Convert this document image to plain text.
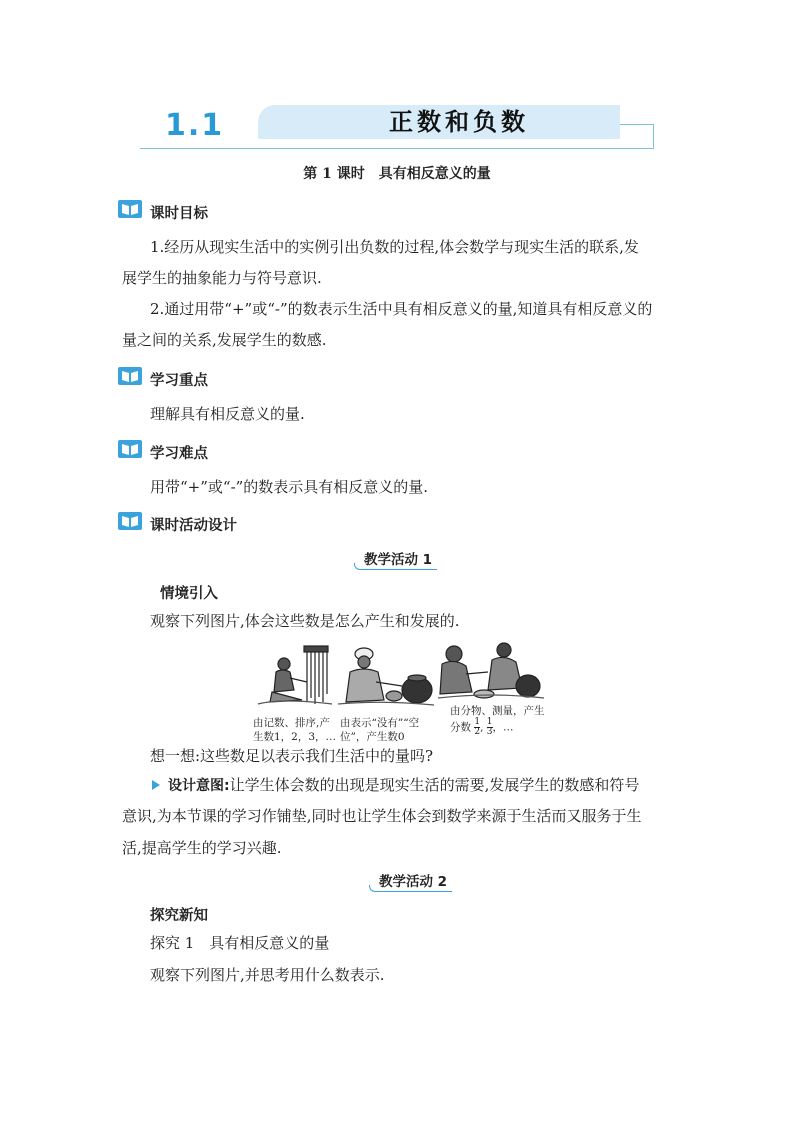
1.1	正数和负数
第 1 课时　具有相反意义的量
课时目标
1.经历从现实生活中的实例引出负数的过程,体会数学与现实生活的联系,发
展学生的抽象能力与符号意识.
2.通过用带“+”或“-”的数表示生活中具有相反意义的量,知道具有相反意义的
量之间的关系,发展学生的数感.
学习重点
理解具有相反意义的量.
学习难点
用带“+”或“-”的数表示具有相反意义的量.
课时活动设计
教学活动 1
情境引入
观察下列图片,体会这些数是怎么产生和发展的.
由记数、排序,产
生数1，2，3，…
由表示“没有”“空
位”，产生数0
由分物、测量，产生
分数 $\frac{1}{2}$ , $\frac{1}{3}$ ，…
想一想:这些数足以表示我们生活中的量吗?
设计意图:让学生体会数的出现是现实生活的需要,发展学生的数感和符号
意识,为本节课的学习作铺垫,同时也让学生体会到数学来源于生活而又服务于生
活,提高学生的学习兴趣.
教学活动 2
探究新知
探究 1　具有相反意义的量
观察下列图片,并思考用什么数表示.
